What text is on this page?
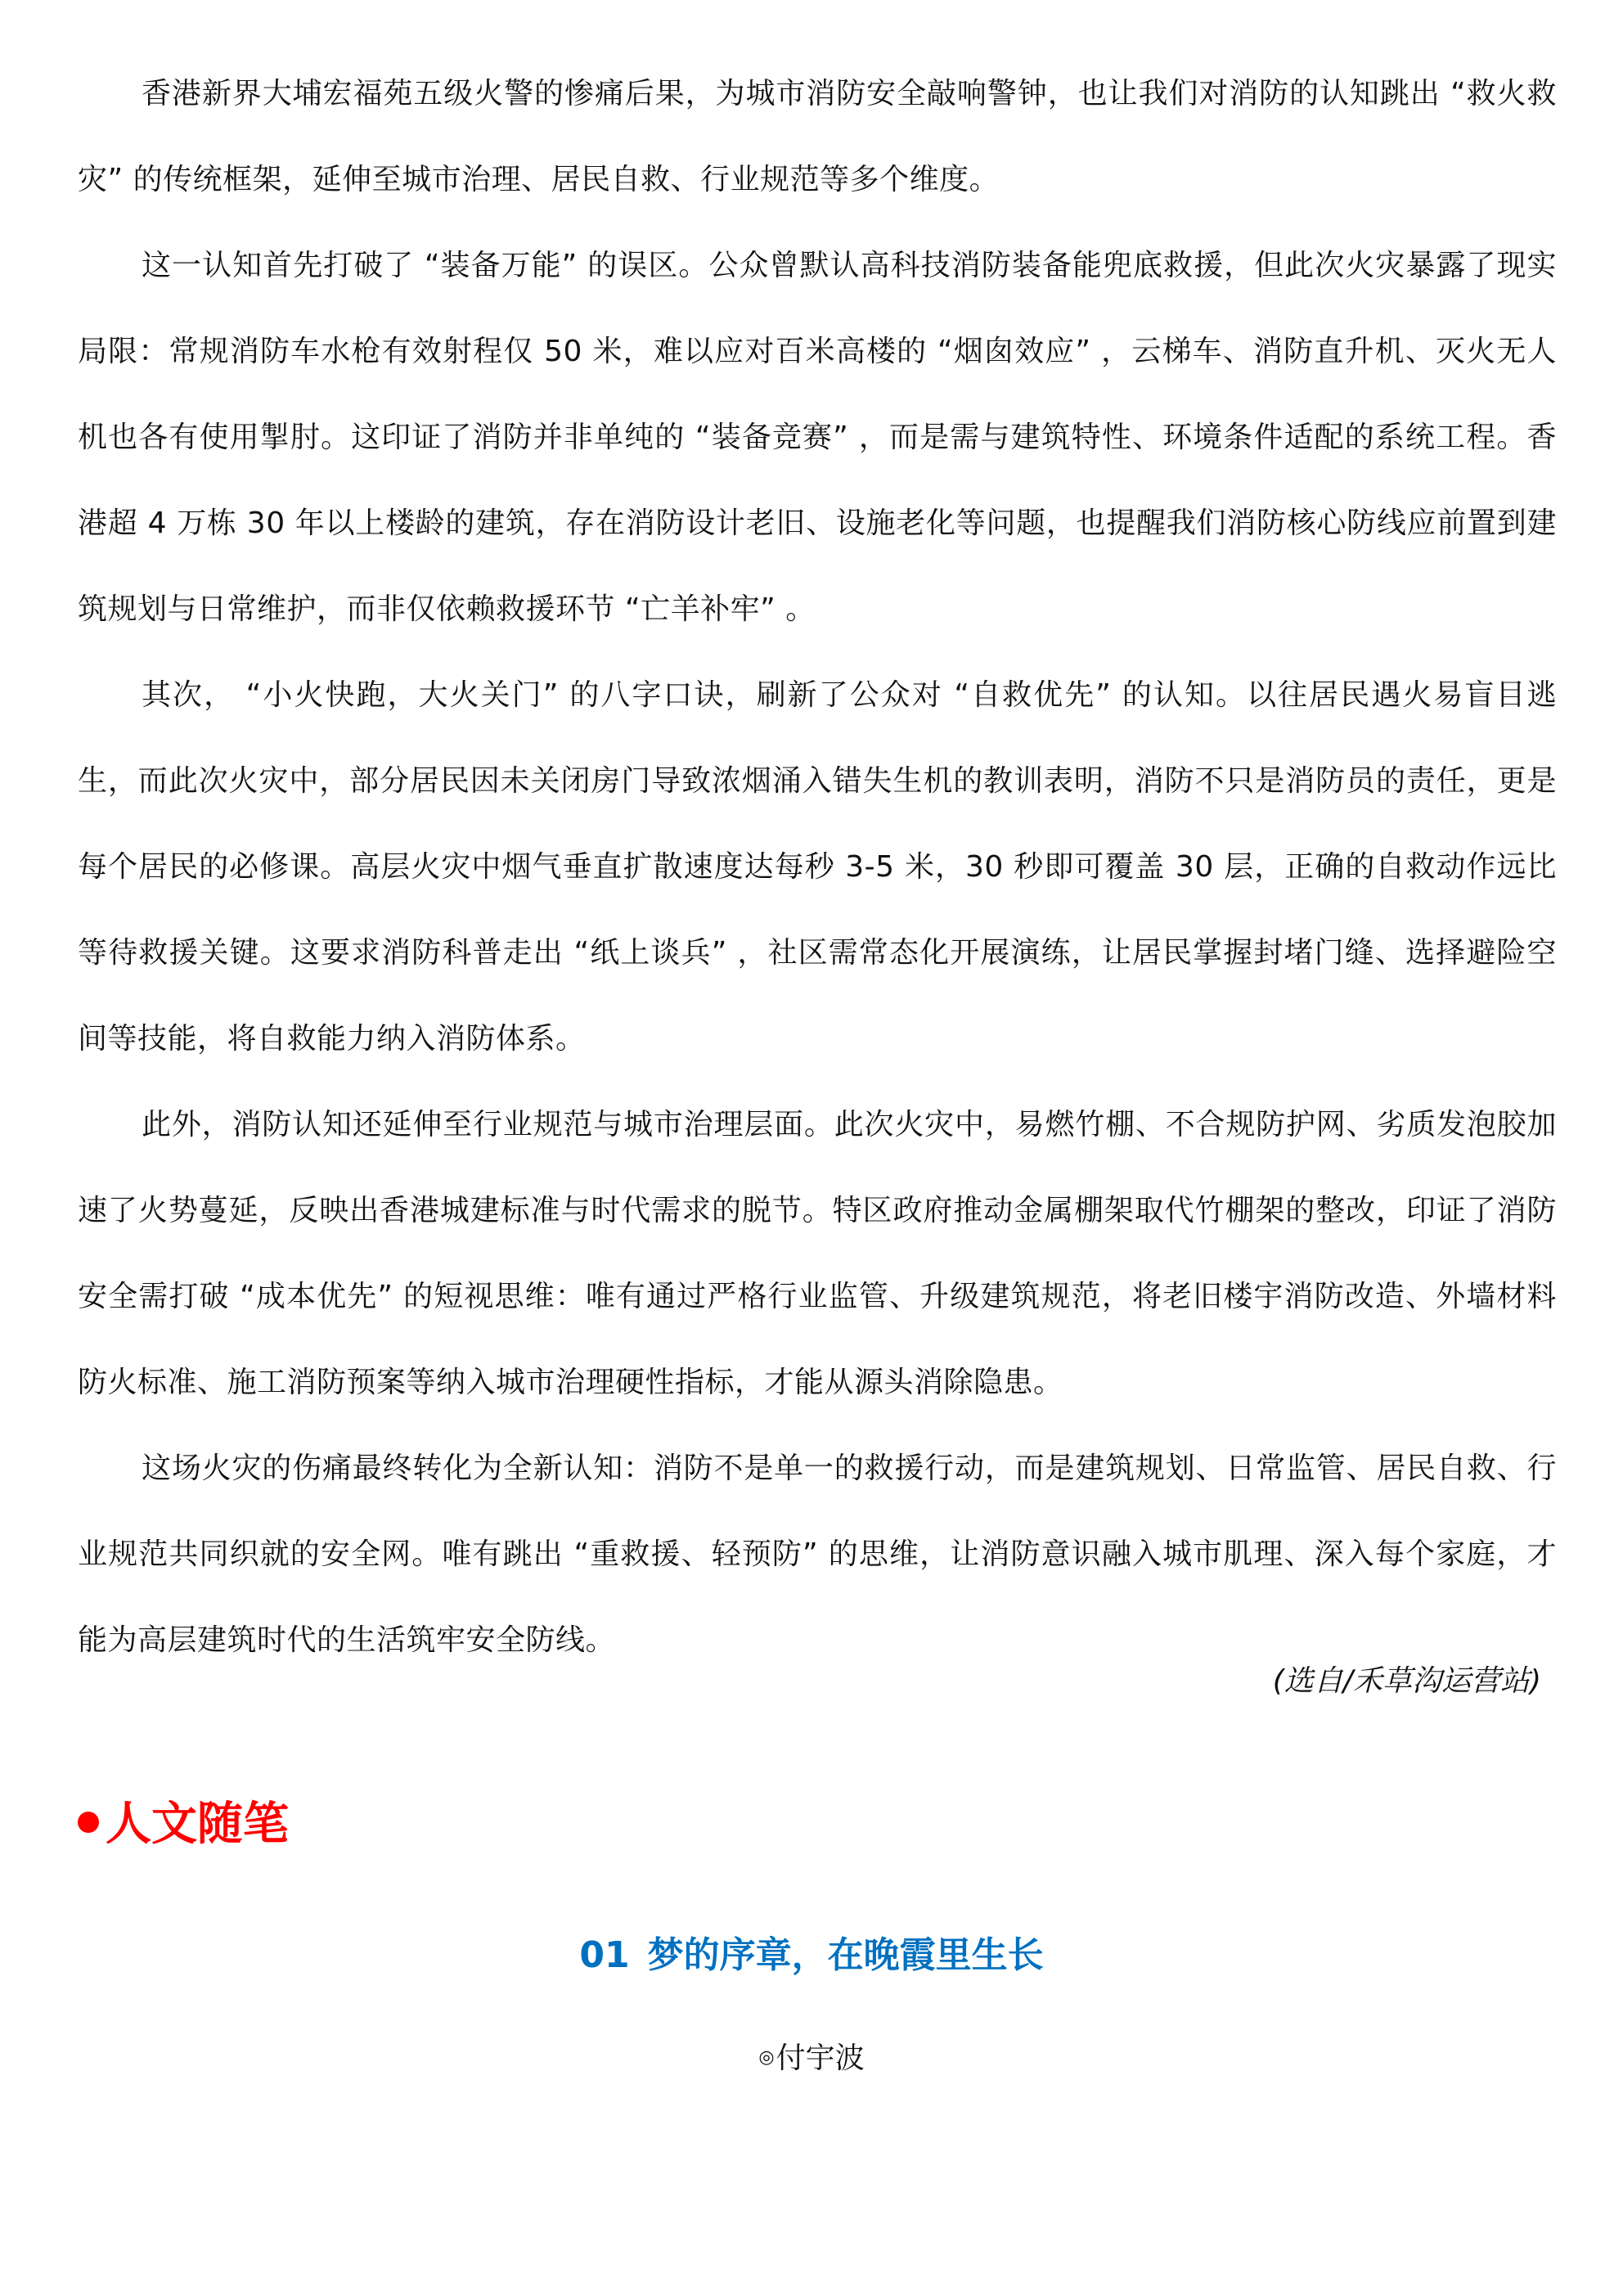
香港新界大埔宏福苑五级火警的惨痛后果，为城市消防安全敲响警钟，也让我们对消防的认知跳出 “救火救灾” 的传统框架，延伸至城市治理、居民自救、行业规范等多个维度。

这一认知首先打破了 “装备万能” 的误区。公众曾默认高科技消防装备能兜底救援，但此次火灾暴露了现实局限：常规消防车水枪有效射程仅 50 米，难以应对百米高楼的 “烟囱效应” ，云梯车、消防直升机、灭火无人机也各有使用掣肘。这印证了消防并非单纯的 “装备竞赛” ，而是需与建筑特性、环境条件适配的系统工程。香港超 4 万栋 30 年以上楼龄的建筑，存在消防设计老旧、设施老化等问题，也提醒我们消防核心防线应前置到建筑规划与日常维护，而非仅依赖救援环节 “亡羊补牢” 。

其次， “小火快跑，大火关门” 的八字口诀，刷新了公众对 “自救优先” 的认知。以往居民遇火易盲目逃生，而此次火灾中，部分居民因未关闭房门导致浓烟涌入错失生机的教训表明，消防不只是消防员的责任，更是每个居民的必修课。高层火灾中烟气垂直扩散速度达每秒 3-5 米，30 秒即可覆盖 30 层，正确的自救动作远比等待救援关键。这要求消防科普走出 “纸上谈兵” ，社区需常态化开展演练，让居民掌握封堵门缝、选择避险空间等技能，将自救能力纳入消防体系。

此外，消防认知还延伸至行业规范与城市治理层面。此次火灾中，易燃竹棚、不合规防护网、劣质发泡胶加速了火势蔓延，反映出香港城建标准与时代需求的脱节。特区政府推动金属棚架取代竹棚架的整改，印证了消防安全需打破 “成本优先” 的短视思维：唯有通过严格行业监管、升级建筑规范，将老旧楼宇消防改造、外墙材料防火标准、施工消防预案等纳入城市治理硬性指标，才能从源头消除隐患。

这场火灾的伤痛最终转化为全新认知：消防不是单一的救援行动，而是建筑规划、日常监管、居民自救、行业规范共同织就的安全网。唯有跳出 “重救援、轻预防” 的思维，让消防意识融入城市肌理、深入每个家庭，才能为高层建筑时代的生活筑牢安全防线。

(选自/禾草沟运营站)
人文随笔
01 梦的序章，在晚霞里生长
◎付宇波
